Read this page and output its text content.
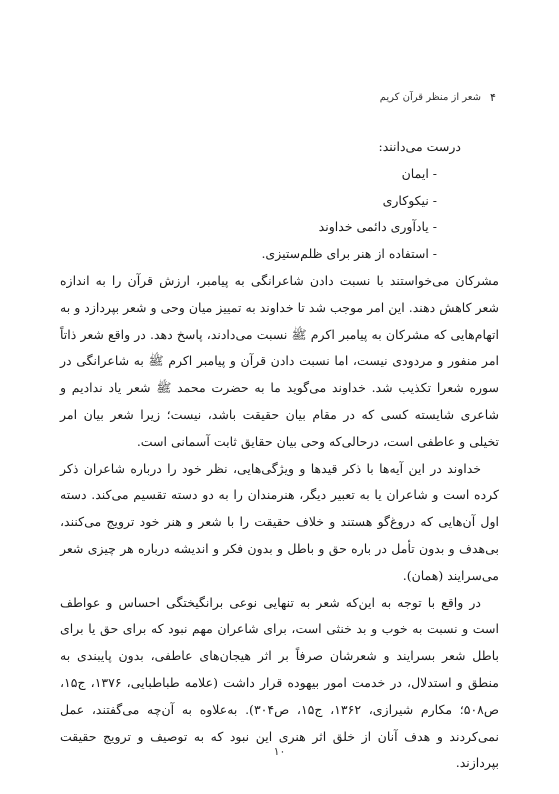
۴
شعر از منظر قرآن کریم

درست می‌دانند:

- ایمان
- نیکوکاری
- یادآوری دائمی خداوند
- استفاده از هنر برای ظلم‌ستیزی.

مشرکان می‌خواستند با نسبت دادن شاعرانگی به پیامبر، ارزش قرآن را به اندازه شعر کاهش دهند. این امر موجب شد تا خداوند به تمییز میان وحی و شعر بپردازد و به اتهام‌هایی که مشرکان به پیامبر اکرم ﷺ نسبت می‌دادند، پاسخ دهد. در واقع شعر ذاتاً امر منفور و مردودی نیست، اما نسبت دادن قرآن و پیامبر اکرم ﷺ به شاعرانگی در سوره شعرا تکذیب شد. خداوند می‌گوید ما به حضرت محمد ﷺ شعر یاد ندادیم و شاعری شایسته کسی که در مقام بیان حقیقت باشد، نیست؛ زیرا شعر بیان امر تخیلی و عاطفی است، درحالی‌که وحی بیان حقایق ثابت آسمانی است.

خداوند در این آیه‌ها با ذکر قیدها و ویژگی‌هایی، نظر خود را درباره شاعران ذکر کرده است و شاعران یا به تعبیر دیگر، هنرمندان را به دو دسته تقسیم می‌کند. دسته اول آن‌هایی که دروغ‌گو هستند و خلاف حقیقت را با شعر و هنر خود ترویج می‌کنند، بی‌هدف و بدون تأمل در باره حق و باطل و بدون فکر و اندیشه درباره هر چیزی شعر می‌سرایند (همان).

در واقع با توجه به این‌که شعر به تنهایی نوعی برانگیختگی احساس و عواطف است و نسبت به خوب و بد خنثی است، برای شاعران مهم نبود که برای حق یا برای باطل شعر بسرایند و شعرشان صرفاً بر اثر هیجان‌های عاطفی، بدون پایبندی به منطق و استدلال، در خدمت امور بیهوده قرار داشت (علامه طباطبایی، ۱۳۷۶، ج۱۵، ص۵۰۸؛ مکارم شیرازی، ۱۳۶۲، ج۱۵، ص۳۰۴). به‌علاوه به آن‌چه می‌گفتند، عمل نمی‌کردند و هدف آنان از خلق اثر هنری این نبود که به توصیف و ترویج حقیقت بپردازند.

۱۰
